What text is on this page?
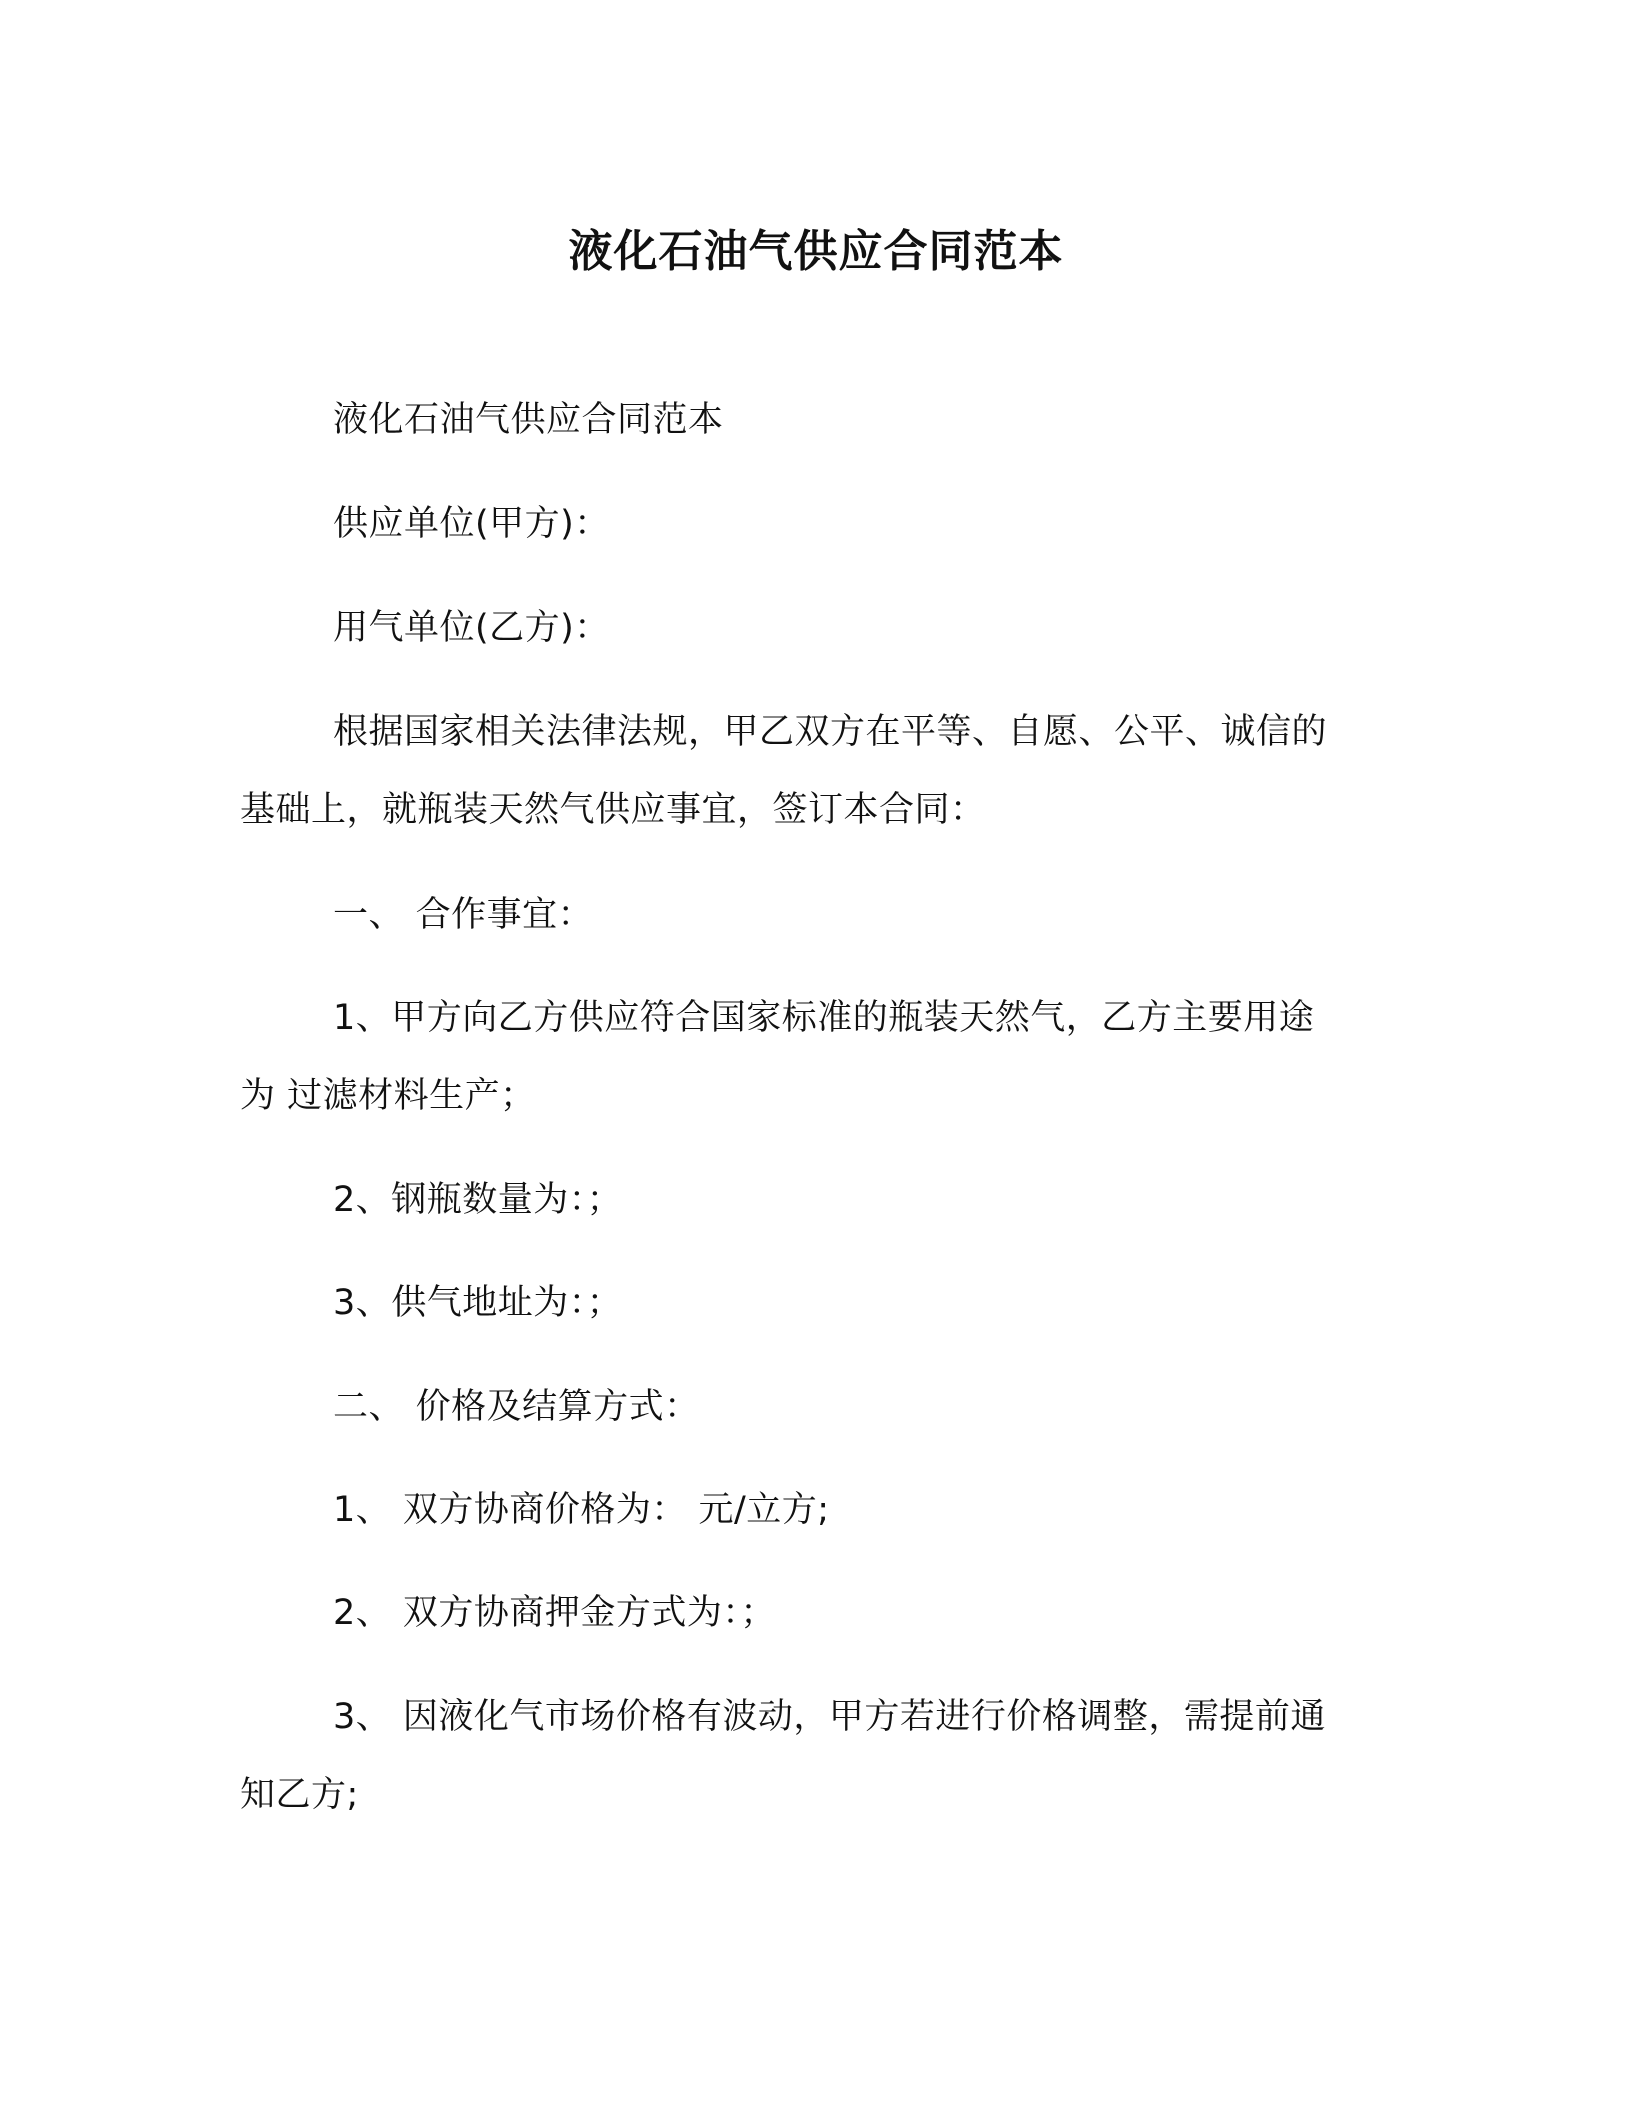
液化石油气供应合同范本
液化石油气供应合同范本
供应单位(甲方)：
用气单位(乙方)：
根据国家相关法律法规，甲乙双方在平等、自愿、公平、诚信的
基础上，就瓶装天然气供应事宜，签订本合同：
一、 合作事宜：
1、甲方向乙方供应符合国家标准的瓶装天然气，乙方主要用途
为 过滤材料生产；
2、钢瓶数量为：；
3、供气地址为：；
二、 价格及结算方式：
1、 双方协商价格为： 元/立方;
2、 双方协商押金方式为：；
3、 因液化气市场价格有波动，甲方若进行价格调整，需提前通
知乙方;
